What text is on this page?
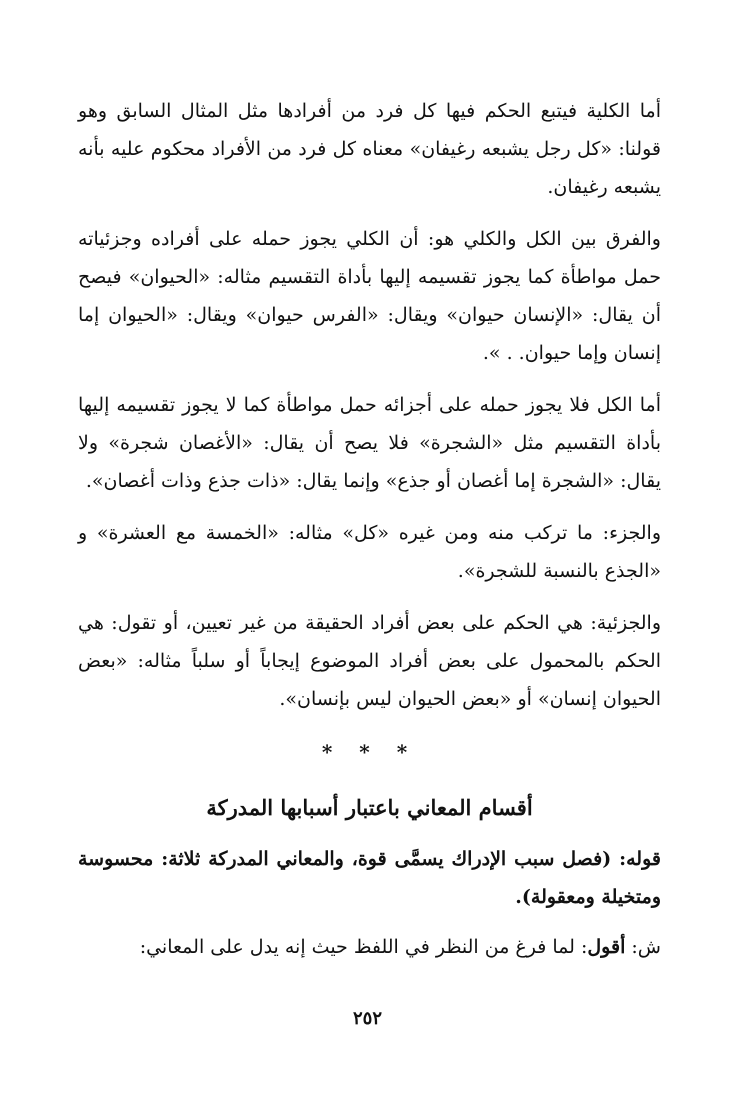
أما الكلية فيتبع الحكم فيها كل فرد من أفرادها مثل المثال السابق وهو قولنا: «كل رجل يشبعه رغيفان» معناه كل فرد من الأفراد محكوم عليه بأنه يشبعه رغيفان.

والفرق بين الكل والكلي هو: أن الكلي يجوز حمله على أفراده وجزئياته حمل مواطأة كما يجوز تقسيمه إليها بأداة التقسيم مثاله: «الحيوان» فيصح أن يقال: «الإنسان حيوان» ويقال: «الفرس حيوان» ويقال: «الحيوان إما إنسان وإما حيوان. . ».

أما الكل فلا يجوز حمله على أجزائه حمل مواطأة كما لا يجوز تقسيمه إليها بأداة التقسيم مثل «الشجرة» فلا يصح أن يقال: «الأغصان شجرة» ولا يقال: «الشجرة إما أغصان أو جذع» وإنما يقال: «ذات جذع وذات أغصان».

والجزء: ما تركب منه ومن غيره «كل» مثاله: «الخمسة مع العشرة» و «الجذع بالنسبة للشجرة».

والجزئية: هي الحكم على بعض أفراد الحقيقة من غير تعيين، أو تقول: هي الحكم بالمحمول على بعض أفراد الموضوع إيجاباً أو سلباً مثاله: «بعض الحيوان إنسان» أو «بعض الحيوان ليس بإنسان».

* * *
أقسام المعاني باعتبار أسبابها المدركة

قوله: (فصل سبب الإدراك يسمَّى قوة، والمعاني المدركة ثلاثة: محسوسة ومتخيلة ومعقولة).

ش: أقول: لما فرغ من النظر في اللفظ حيث إنه يدل على المعاني:

٢٥٢
